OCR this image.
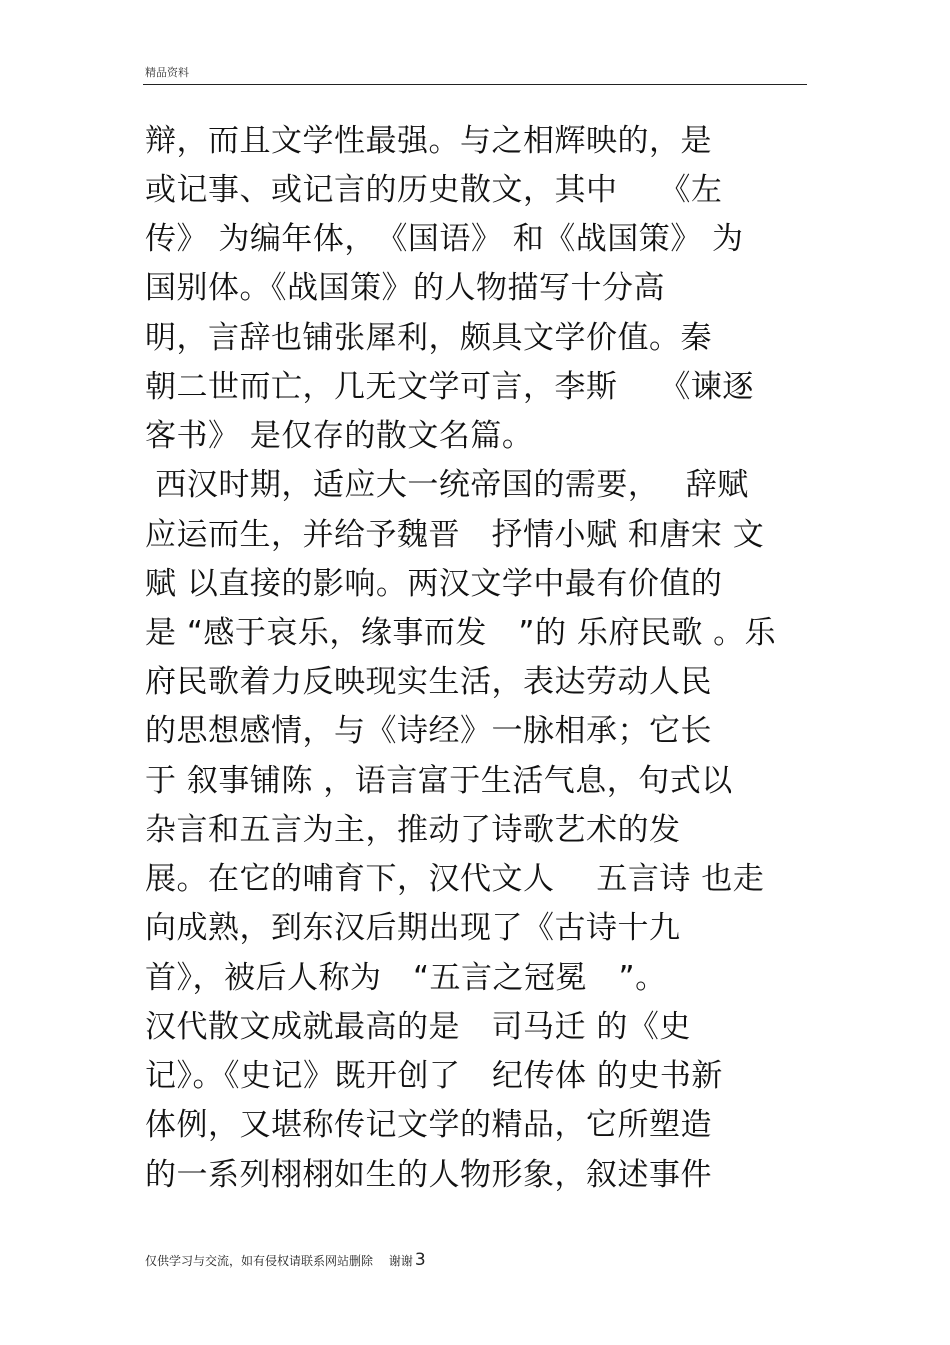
精品资料
辩，而且文学性最强。与之相辉映的，是
或记事、或记言的历史散文，其中　 《左
传》 为编年体，　《国语》 和《战国策》 为
国别体。《战国策》的人物描写十分高
明，言辞也铺张犀利，颇具文学价值。秦
朝二世而亡，几无文学可言，李斯　 《谏逐
客书》 是仅存的散文名篇。
西汉时期，适应大一统帝国的需要，　 辞赋
应运而生，并给予魏晋　抒情小赋 和唐宋 文
赋 以直接的影响。两汉文学中最有价值的
是 “感于哀乐，缘事而发　”的 乐府民歌 。乐
府民歌着力反映现实生活，表达劳动人民
的思想感情，与《诗经》一脉相承；它长
于 叙事铺陈 ，语言富于生活气息，句式以
杂言和五言为主，推动了诗歌艺术的发
展。在它的哺育下，汉代文人　 五言诗 也走
向成熟，到东汉后期出现了《古诗十九
首》，被后人称为　“五言之冠冕　”。
汉代散文成就最高的是　司马迁 的《史
记》。《史记》既开创了　纪传体 的史书新
体例，又堪称传记文学的精品，它所塑造
的一系列栩栩如生的人物形象，叙述事件
仅供学习与交流，如有侵权请联系网站删除　 谢谢 3
